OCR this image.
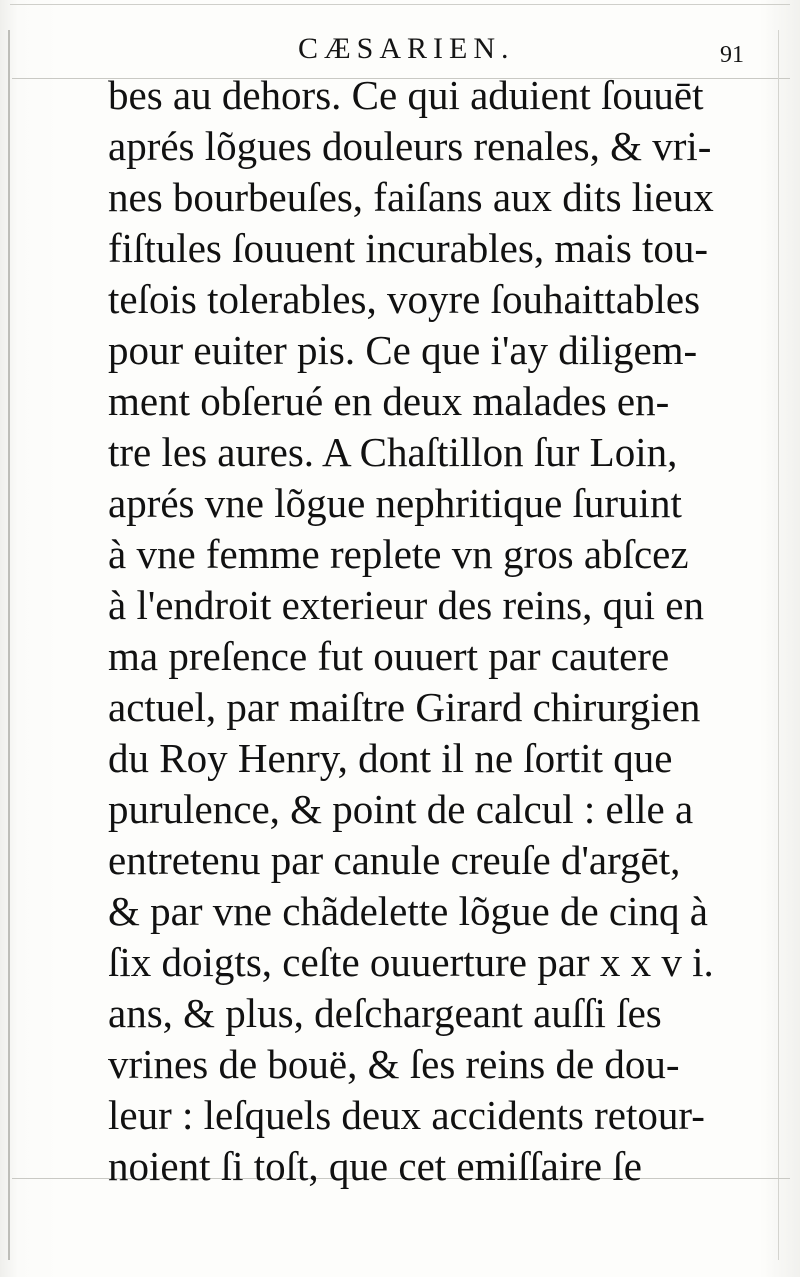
CÆSARIEN.	91
bes au dehors. Ce qui aduient ſouuēt
aprés lõgues douleurs renales, & vri-
nes bourbeuſes, faiſans aux dits lieux
fiſtules ſouuent incurables, mais tou-
teſois tolerables, voyre ſouhaittables
pour euiter pis. Ce que i'ay diligem-
ment obſerué en deux malades en-
tre les aures. A Chaſtillon ſur Loin,
aprés vne lõgue nephritique ſuruint
à vne femme replete vn gros abſcez
à l'endroit exterieur des reins, qui en
ma preſence fut ouuert par cautere
actuel, par maiſtre Girard chirurgien
du Roy Henry, dont il ne ſortit que
purulence, & point de calcul : elle a
entretenu par canule creuſe d'argēt,
& par vne chãdelette lõgue de cinq à
ſix doigts, ceſte ouuerture par x x v i.
ans, & plus, deſchargeant auſſi ſes
vrines de bouë, & ſes reins de dou-
leur : leſquels deux accidents retour-
noient ſi toſt, que cet emiſſaire ſe
